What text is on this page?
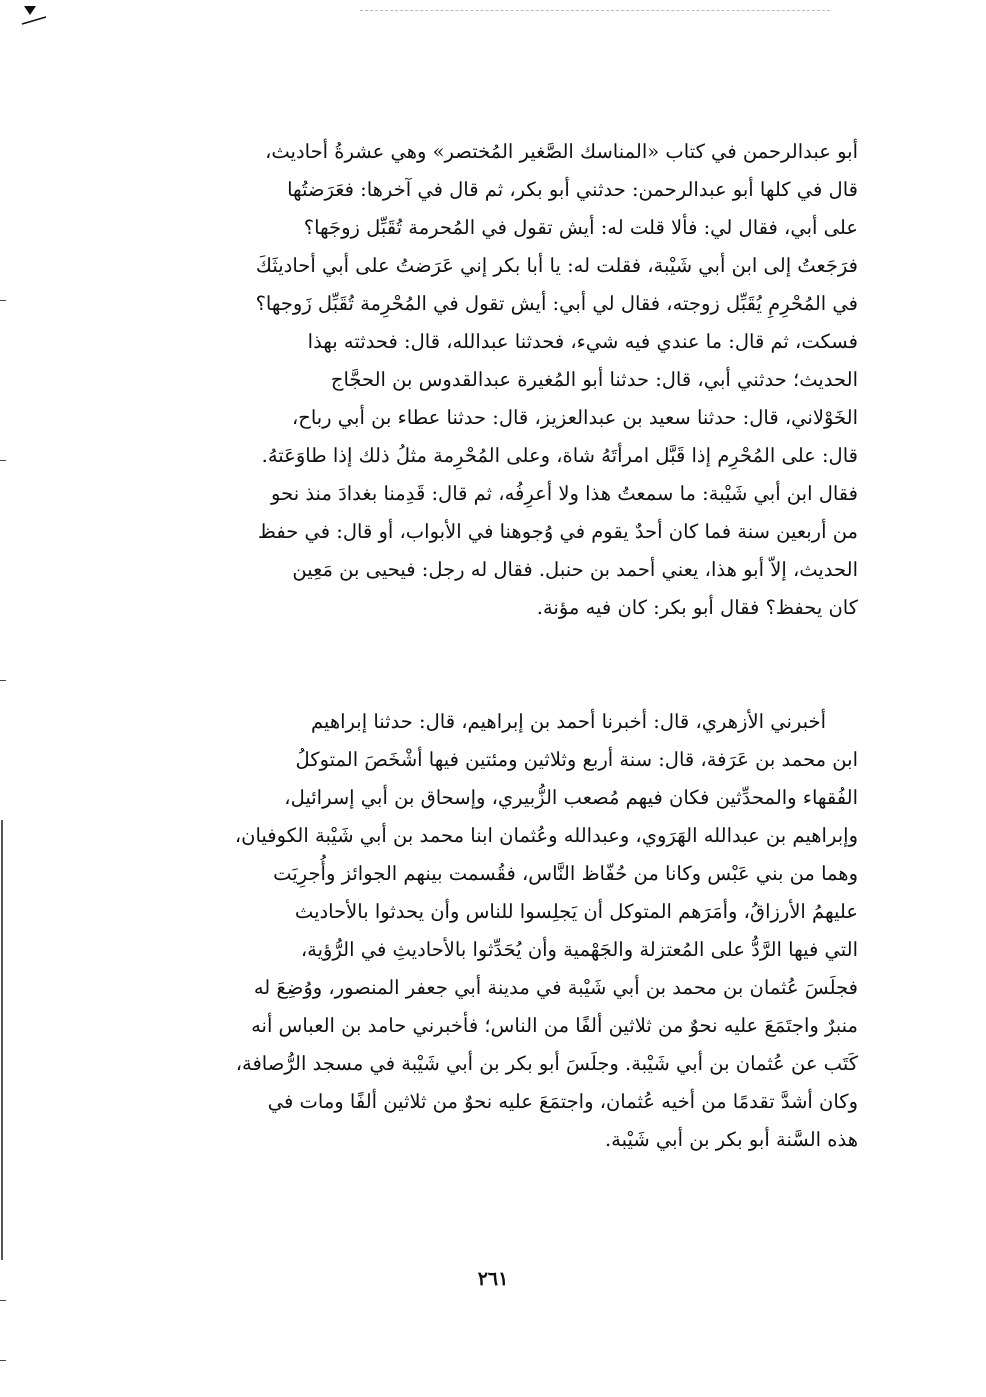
أبو عبدالرحمن في كتاب «المناسك الصَّغير المُختصر» وهي عشرةُ أحاديث،

قال في كلها أبو عبدالرحمن: حدثني أبو بكر، ثم قال في آخرها: فعَرَضتُها

على أبي، فقال لي: فألا قلت له: أيش تقول في المُحرمة تُقَبِّل زوجَها؟

فرَجَعتُ إلى ابن أبي شَيْبة، فقلت له: يا أبا بكر إني عَرَضتُ على أبي أحاديثَكَ

في المُحْرِمِ يُقَبِّل زوجته، فقال لي أبي: أيش تقول في المُحْرِمة تُقَبِّل زَوجها؟

فسكت، ثم قال: ما عندي فيه شيء، فحدثنا عبدالله، قال: فحدثته بهذا

الحديث؛ حدثني أبي، قال: حدثنا أبو المُغيرة عبدالقدوس بن الحجَّاج

الخَوْلاني، قال: حدثنا سعيد بن عبدالعزيز، قال: حدثنا عطاء بن أبي رباح،

قال: على المُحْرِم إذا قَبَّل امرأتَهُ شاة، وعلى المُحْرِمة مثلُ ذلك إذا طاوَعَتهُ.

فقال ابن أبي شَيْبة: ما سمعتُ هذا ولا أعرِفُه، ثم قال: قَدِمنا بغدادَ منذ نحو

من أربعين سنة فما كان أحدٌ يقوم في وُجوهنا في الأبواب، أو قال: في حفظ

الحديث، إلاّ أبو هذا، يعني أحمد بن حنبل. فقال له رجل: فيحيى بن مَعِين

كان يحفظ؟ فقال أبو بكر: كان فيه مؤنة.

أخبرني الأزهري، قال: أخبرنا أحمد بن إبراهيم، قال: حدثنا إبراهيم

ابن محمد بن عَرَفة، قال: سنة أربع وثلاثين ومئتين فيها أشْخَصَ المتوكلُ

الفُقهاء والمحدِّثين فكان فيهم مُصعب الزُّبيري، وإسحاق بن أبي إسرائيل،

وإبراهيم بن عبدالله الهَرَوي، وعبدالله وعُثمان ابنا محمد بن أبي شَيْبة الكوفيان،

وهما من بني عَبْس وكانا من حُفّاظ النَّاس، فقُسمت بينهم الجوائز وأُجرِيَت

عليهمُ الأرزاقُ، وأمَرَهم المتوكل أن يَجلِسوا للناس وأن يحدثوا بالأحاديث

التي فيها الرَّدُّ على المُعتزلة والجَهْمية وأن يُحَدِّثوا بالأحاديثِ في الرُّؤية،

فجلَسَ عُثمان بن محمد بن أبي شَيْبة في مدينة أبي جعفر المنصور، ووُضِعَ له

منبرٌ واجتَمَعَ عليه نحوٌ من ثلاثين ألفًا من الناس؛ فأخبرني حامد بن العباس أنه

كَتَب عن عُثمان بن أبي شَيْبة. وجلَسَ أبو بكر بن أبي شَيْبة في مسجد الرُّصافة،

وكان أشدَّ تقدمًا من أخيه عُثمان، واجتمَعَ عليه نحوٌ من ثلاثين ألفًا ومات في

هذه السَّنة أبو بكر بن أبي شَيْبة.

٢٦١
